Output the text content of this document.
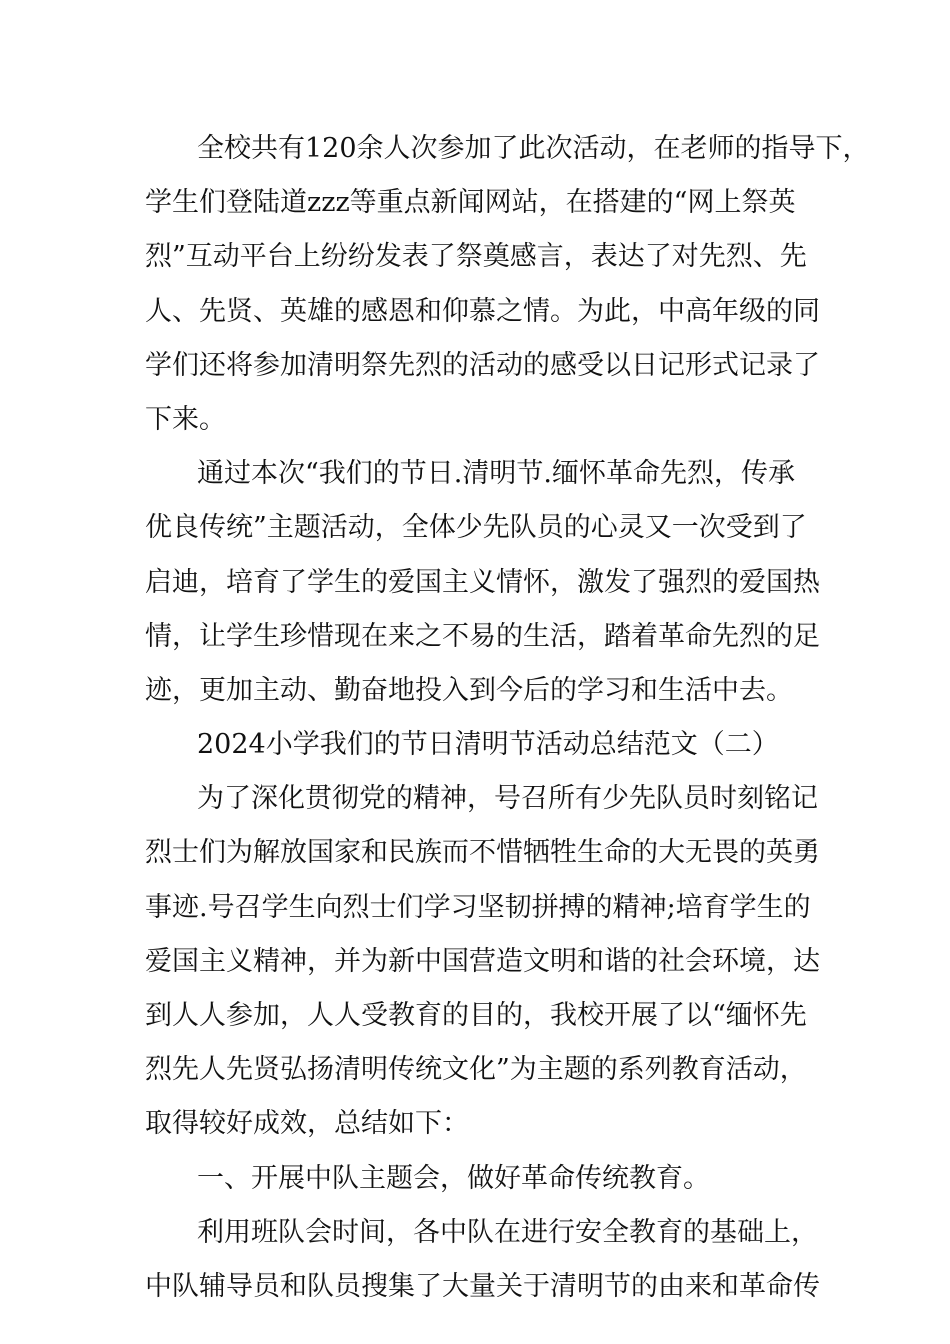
全校共有120余人次参加了此次活动，在老师的指导下，
学生们登陆道zzz等重点新闻网站，在搭建的“网上祭英
烈”互动平台上纷纷发表了祭奠感言，表达了对先烈、先
人、先贤、英雄的感恩和仰慕之情。为此，中高年级的同
学们还将参加清明祭先烈的活动的感受以日记形式记录了
下来。
通过本次“我们的节日.清明节.缅怀革命先烈，传承
优良传统”主题活动，全体少先队员的心灵又一次受到了
启迪，培育了学生的爱国主义情怀，激发了强烈的爱国热
情，让学生珍惜现在来之不易的生活，踏着革命先烈的足
迹，更加主动、勤奋地投入到今后的学习和生活中去。
2024小学我们的节日清明节活动总结范文（二）
为了深化贯彻党的精神，号召所有少先队员时刻铭记
烈士们为解放国家和民族而不惜牺牲生命的大无畏的英勇
事迹.号召学生向烈士们学习坚韧拼搏的精神;培育学生的
爱国主义精神，并为新中国营造文明和谐的社会环境，达
到人人参加，人人受教育的目的，我校开展了以“缅怀先
烈先人先贤弘扬清明传统文化”为主题的系列教育活动，
取得较好成效，总结如下：
一、开展中队主题会，做好革命传统教育。
利用班队会时间，各中队在进行安全教育的基础上，
中队辅导员和队员搜集了大量关于清明节的由来和革命传
